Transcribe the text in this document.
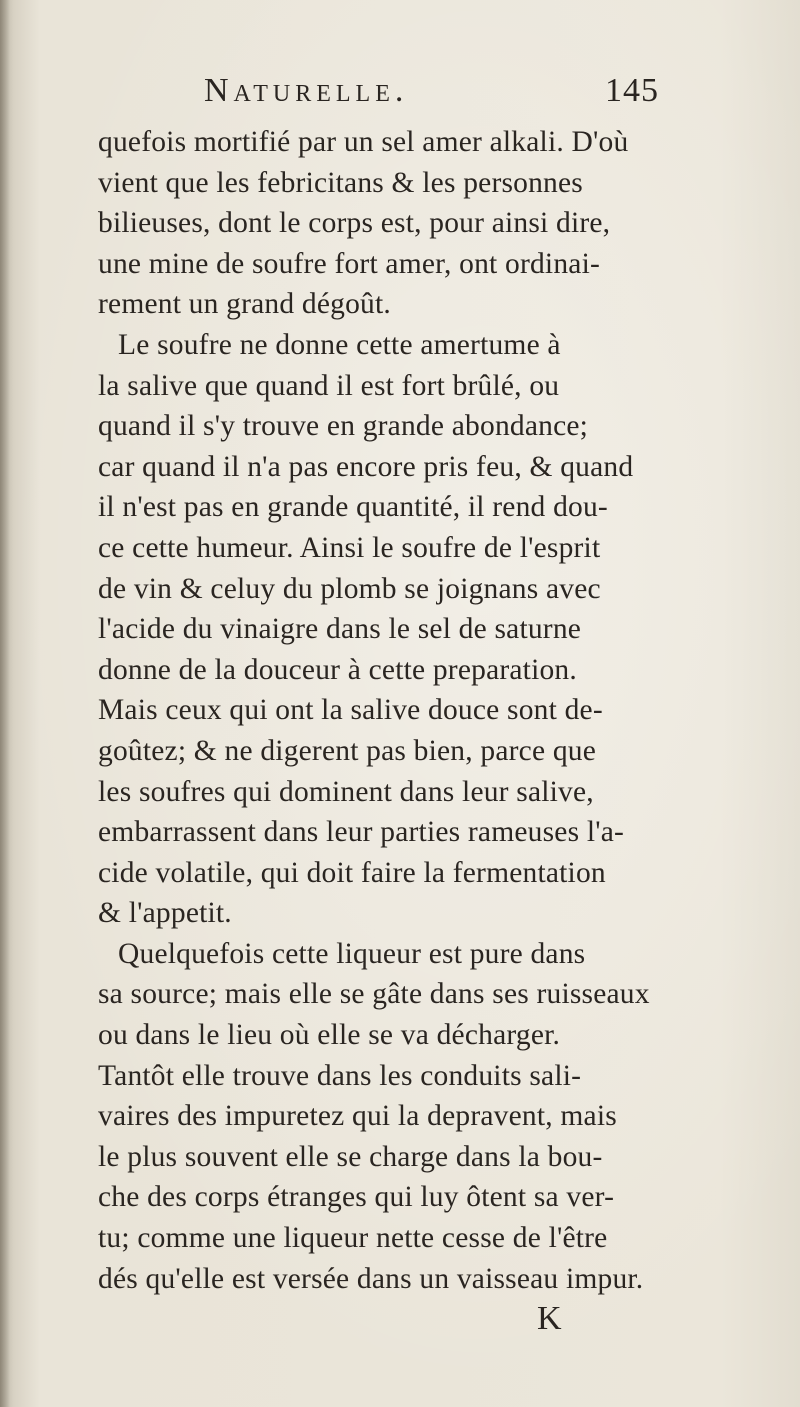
Naturelle.	145
quefois mortifié par un sel amer alkali. D'où
vient que les febricitans & les personnes
bilieuses, dont le corps est, pour ainsi dire,
une mine de soufre fort amer, ont ordinai-
rement un grand dégoût.
Le soufre ne donne cette amertume à
la salive que quand il est fort brûlé, ou
quand il s'y trouve en grande abondance;
car quand il n'a pas encore pris feu, & quand
il n'est pas en grande quantité, il rend dou-
ce cette humeur. Ainsi le soufre de l'esprit
de vin & celuy du plomb se joignans avec
l'acide du vinaigre dans le sel de saturne
donne de la douceur à cette preparation.
Mais ceux qui ont la salive douce sont de-
goûtez; & ne digerent pas bien, parce que
les soufres qui dominent dans leur salive,
embarrassent dans leur parties rameuses l'a-
cide volatile, qui doit faire la fermentation
& l'appetit.
Quelquefois cette liqueur est pure dans
sa source; mais elle se gâte dans ses ruisseaux
ou dans le lieu où elle se va décharger.
Tantôt elle trouve dans les conduits sali-
vaires des impuretez qui la depravent, mais
le plus souvent elle se charge dans la bou-
che des corps étranges qui luy ôtent sa ver-
tu; comme une liqueur nette cesse de l'être
dés qu'elle est versée dans un vaisseau impur.
K
